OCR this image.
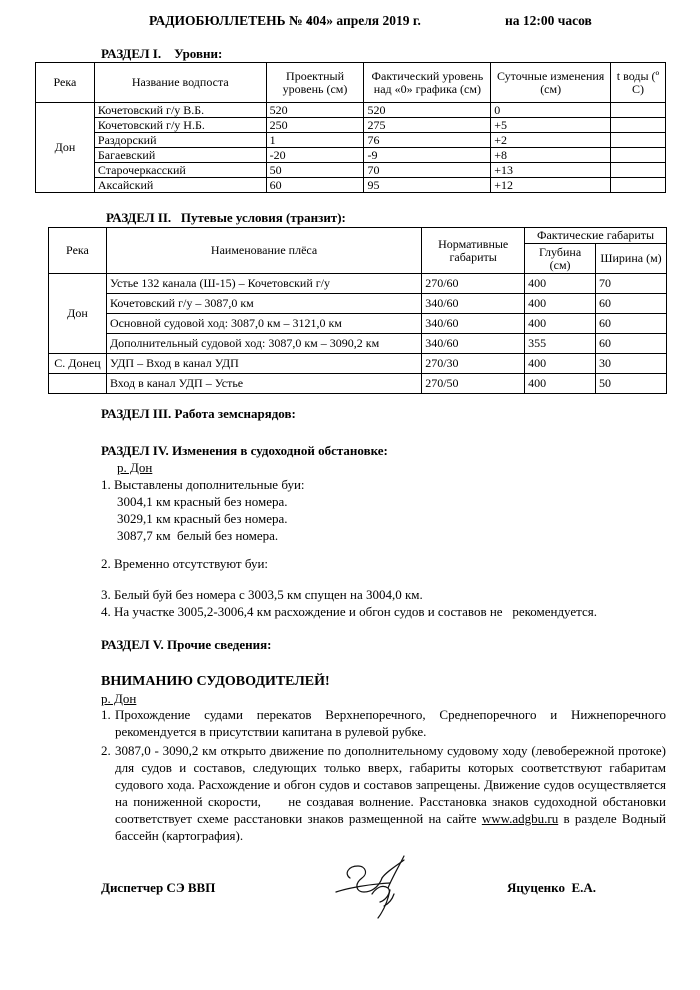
РАДИОБЮЛЛЕТЕНЬ № 4
«04» апреля 2019 г.	на 12:00 часов
РАЗДЕЛ I.    Уровни:
Река	Название водпоста	Проектный уровень (см)	Фактический уровень над «0» графика (см)	Суточные изменения (см)	t воды (º С)
Дон	Кочетовский г/у В.Б.	520	520	0	
	Кочетовский г/у Н.Б.	250	275	+5	
	Раздорский	1	76	+2	
	Багаевский	-20	-9	+8	
	Старочеркасский	50	70	+13	
	Аксайский	60	95	+12	
РАЗДЕЛ II.   Путевые условия (транзит):
Река	Наименование плёса	Нормативные габариты	Фактические габариты	
			Глубина (см)	Ширина (м)
Дон	Устье 132 канала (Ш-15) – Кочетовский г/у	270/60	400	70
	Кочетовский г/у – 3087,0 км	340/60	400	60
	Основной судовой ход: 3087,0 км – 3121,0 км	340/60	400	60
	Дополнительный судовой ход: 3087,0 км – 3090,2 км	340/60	355	60
С. Донец	УДП – Вход в канал УДП	270/30	400	30
	Вход в канал УДП – Устье	270/50	400	50
РАЗДЕЛ III. Работа земснарядов:
РАЗДЕЛ IV. Изменения в судоходной обстановке:
р. Дон
1. Выставлены дополнительные буи:
3004,1 км красный без номера.
3029,1 км красный без номера.
3087,7 км  белый без номера.
2. Временно отсутствуют буи:
3. Белый буй без номера с 3003,5 км спущен на 3004,0 км.
4. На участке 3005,2-3006,4 км расхождение и обгон судов и составов не   рекомендуется.
РАЗДЕЛ V. Прочие сведения:
ВНИМАНИЮ СУДОВОДИТЕЛЕЙ!
р. Дон
1. Прохождение судами перекатов Верхнепоречного, Среднепоречного и Нижнепоречного рекомендуется в присутствии капитана в рулевой рубке.
2. 3087,0 - 3090,2 км открыто движение по дополнительному судовому ходу (левобережной протоке) для судов и составов, следующих только вверх, габариты которых соответствуют габаритам судового хода. Расхождение и обгон судов и составов запрещены. Движение судов осуществляется на пониженной скорости,     не создавая волнение. Расстановка знаков судоходной обстановки соответствует схеме расстановки знаков размещенной на сайте www.adgbu.ru в разделе Водный бассейн (картография).
Диспетчер СЭ ВВП	Яцуценко  Е.А.
